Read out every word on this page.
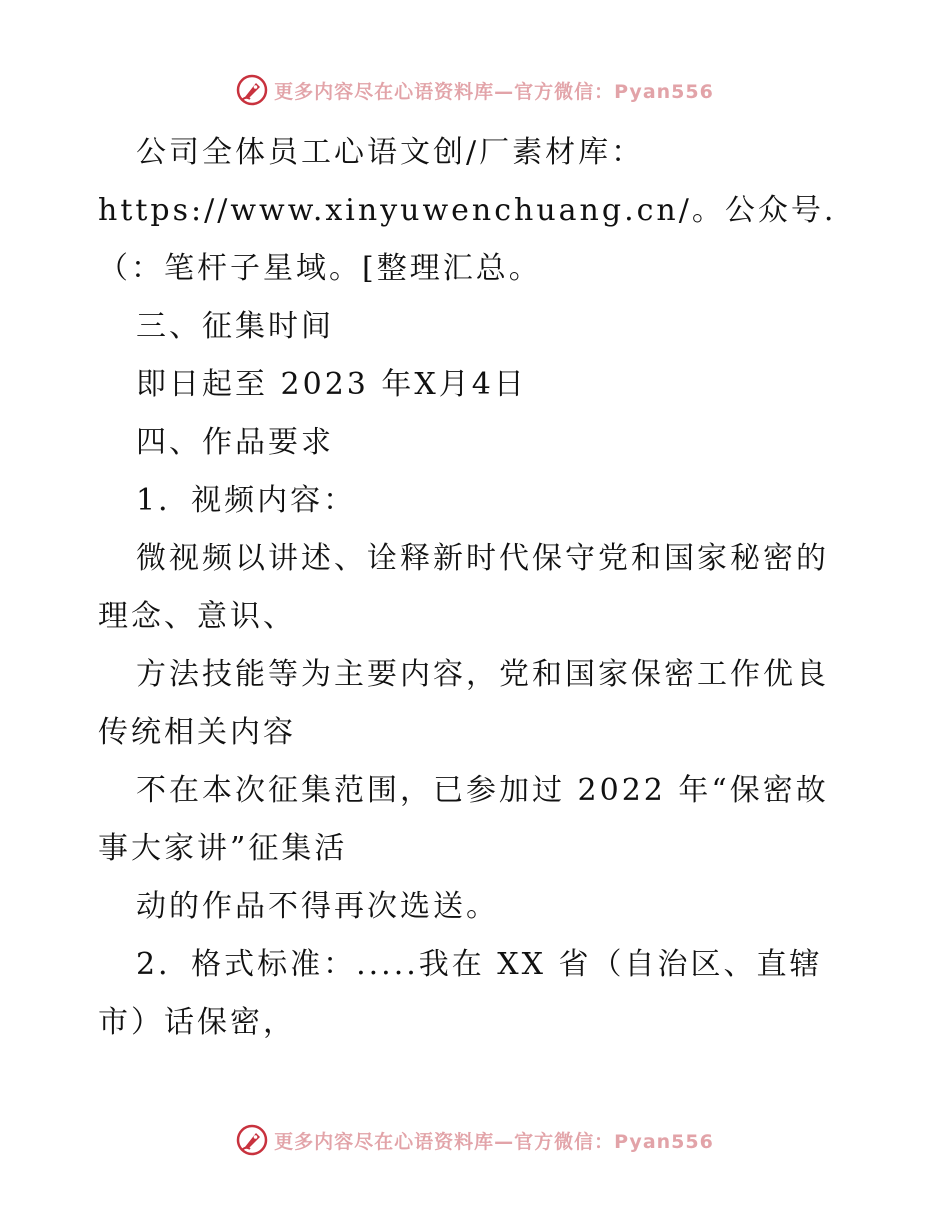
更多内容尽在心语资料库—官方微信：Pyan556

公司全体员工心语文创/厂素材库：https://www.xinyuwenchuang.cn/。公众号.（：笔杆子星域。[整理汇总。

三、征集时间

即日起至 2023 年X月4日

四、作品要求

1．视频内容：

微视频以讲述、诠释新时代保守党和国家秘密的理念、意识、

方法技能等为主要内容，党和国家保密工作优良传统相关内容

不在本次征集范围，已参加过 2022 年“保密故事大家讲”征集活

动的作品不得再次选送。

2．格式标准：.....我在 XX 省（自治区、直辖市）话保密，

更多内容尽在心语资料库—官方微信：Pyan556
